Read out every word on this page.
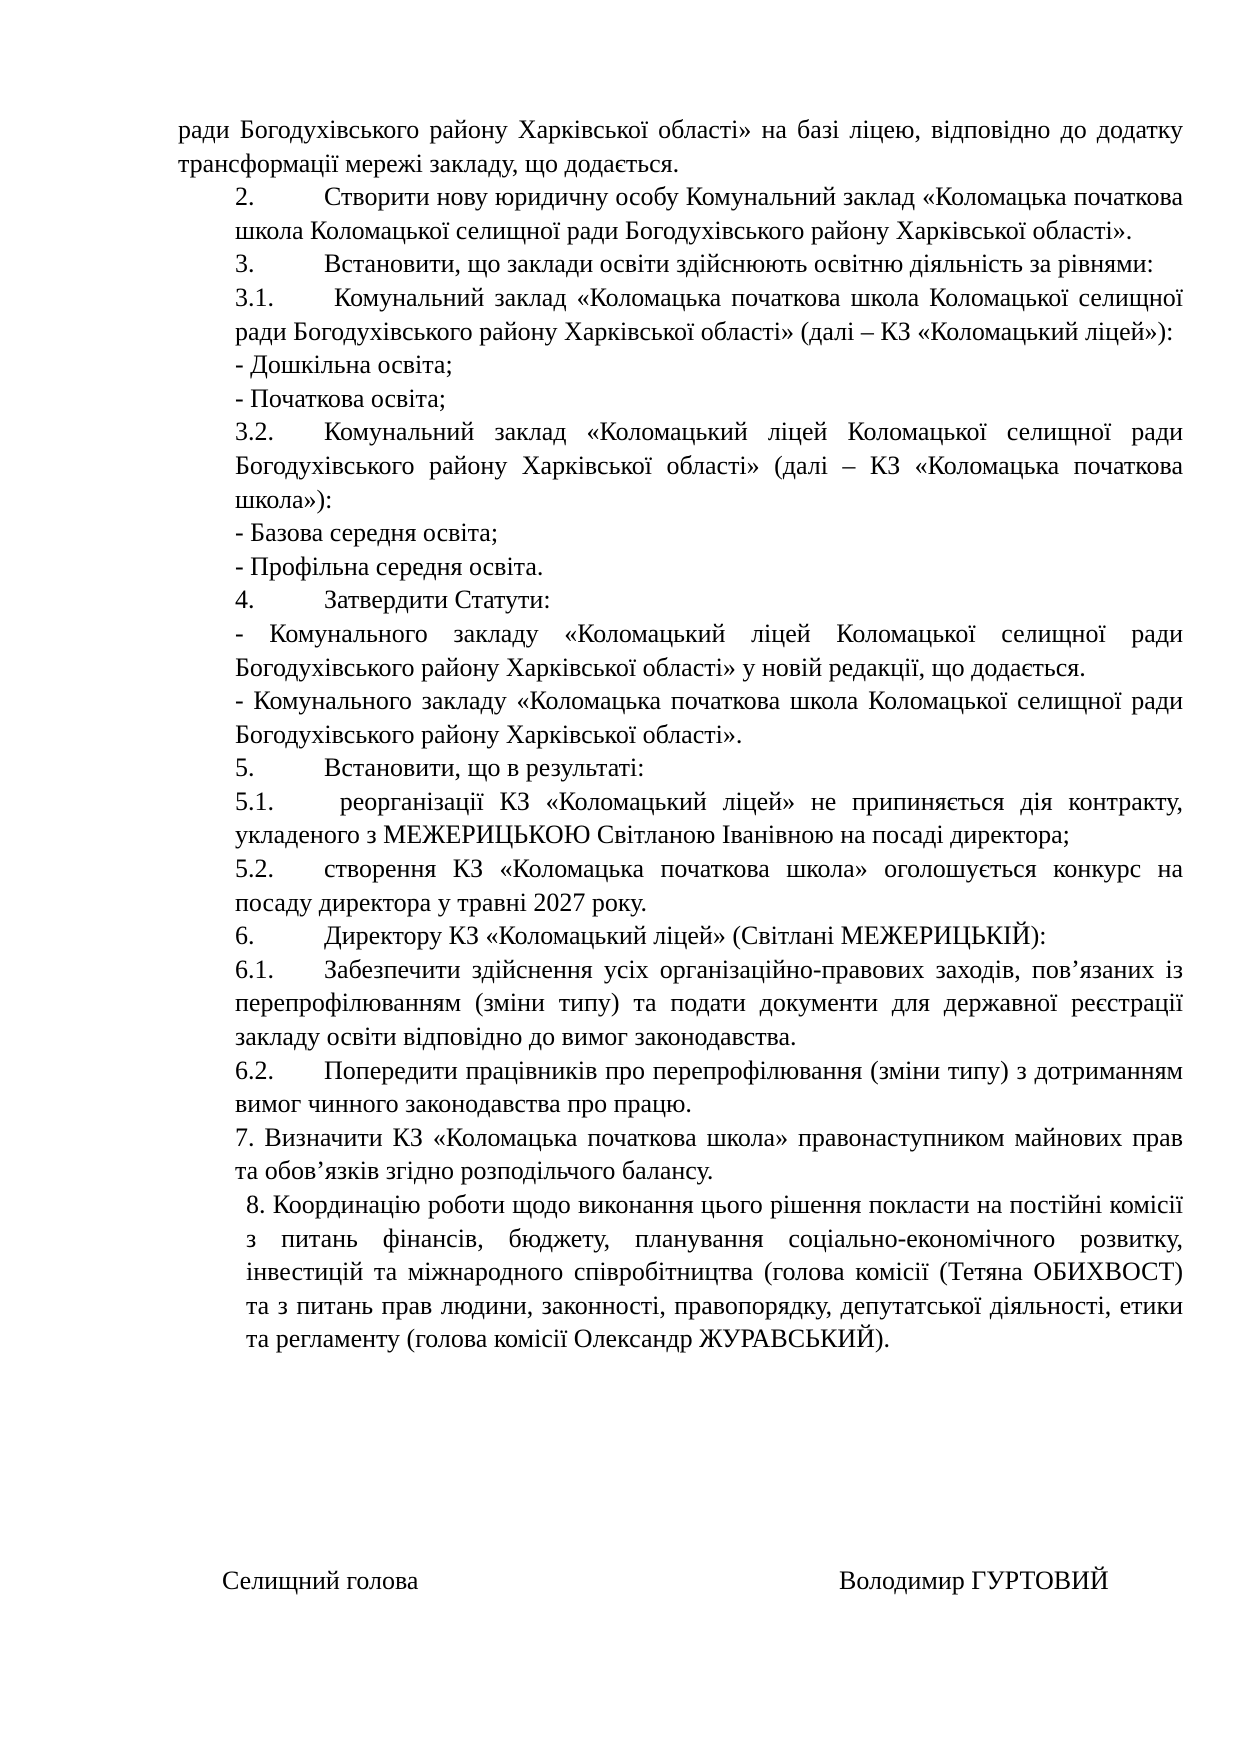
ради Богодухівського району Харківської області» на базі ліцею, відповідно до додатку трансформації мережі закладу, що додається.

2.	Створити нову юридичну особу Комунальний заклад «Коломацька початкова школа Коломацької селищної ради Богодухівського району Харківської області».

3.	Встановити, що заклади освіти здійснюють освітню діяльність за рівнями:

3.1. Комунальний заклад «Коломацька початкова школа Коломацької селищної ради Богодухівського району Харківської області» (далі – КЗ «Коломацький ліцей»):

- Дошкільна освіта;

- Початкова освіта;

3.2. Комунальний заклад «Коломацький ліцей Коломацької селищної ради Богодухівського району Харківської області» (далі – КЗ «Коломацька початкова школа»):

- Базова середня освіта;

- Профільна середня освіта.

4.	Затвердити Статути:

- Комунального закладу «Коломацький ліцей Коломацької селищної ради Богодухівського району Харківської області» у новій редакції, що додається.

- Комунального закладу «Коломацька початкова школа Коломацької селищної ради Богодухівського району Харківської області».

5.	Встановити, що в результаті:

5.1. реорганізації КЗ «Коломацький ліцей» не припиняється дія контракту, укладеного з МЕЖЕРИЦЬКОЮ Світланою Іванівною на посаді директора;

5.2. створення КЗ «Коломацька початкова школа» оголошується конкурс на посаду директора у травні 2027 року.

6.	Директору КЗ «Коломацький ліцей» (Світлані МЕЖЕРИЦЬКІЙ):

6.1. Забезпечити здійснення усіх організаційно-правових заходів, пов’язаних із перепрофілюванням (зміни типу) та подати документи для державної реєстрації закладу освіти відповідно до вимог законодавства.

6.2. Попередити працівників про перепрофілювання (зміни типу) з дотриманням вимог чинного законодавства про працю.

7. Визначити КЗ «Коломацька початкова школа» правонаступником майнових прав та обов’язків згідно розподільчого балансу.

8. Координацію роботи щодо виконання цього рішення покласти на постійні комісії з питань фінансів, бюджету, планування соціально-економічного розвитку, інвестицій та міжнародного співробітництва (голова комісії (Тетяна ОБИХВОСТ) та з питань прав людини, законності, правопорядку, депутатської діяльності, етики та регламенту (голова комісії Олександр ЖУРАВСЬКИЙ).

Селищний голова	Володимир ГУРТОВИЙ
